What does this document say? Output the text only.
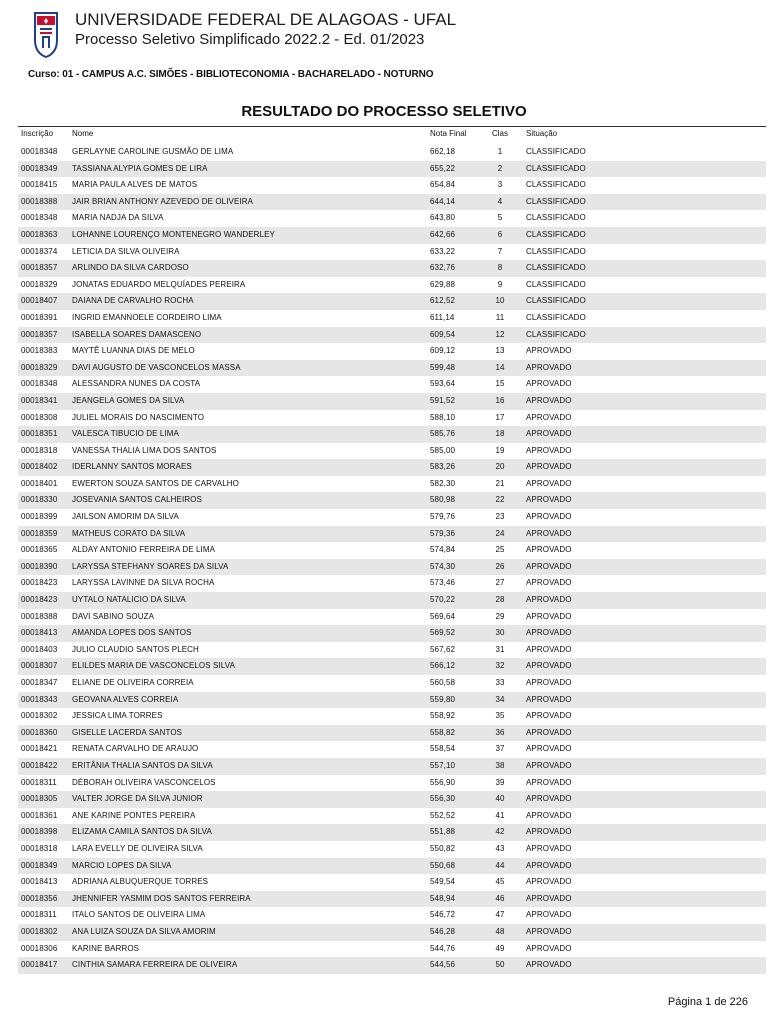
UNIVERSIDADE FEDERAL DE ALAGOAS - UFAL
Processo Seletivo Simplificado 2022.2 - Ed. 01/2023
Curso: 01 - CAMPUS A.C. SIMÕES - BIBLIOTECONOMIA - BACHARELADO - NOTURNO
RESULTADO DO PROCESSO SELETIVO
Inscrição Nome	Nota Final	Clas	Situação
00018348 GERLAYNE CAROLINE GUSMÃO DE LIMA	662,18	1	CLASSIFICADO
00018349 TASSIANA ALYPIA GOMES DE LIRA	655,22	2	CLASSIFICADO
00018415 MARIA PAULA ALVES DE MATOS	654,84	3	CLASSIFICADO
00018388 JAIR BRIAN ANTHONY AZEVEDO DE OLIVEIRA	644,14	4	CLASSIFICADO
00018348 MARIA NADJA DA SILVA	643,80	5	CLASSIFICADO
00018363 LOHANNE LOURENÇO MONTENEGRO WANDERLEY	642,66	6	CLASSIFICADO
00018374 LETICIA DA SILVA OLIVEIRA	633,22	7	CLASSIFICADO
00018357 ARLINDO DA SILVA CARDOSO	632,76	8	CLASSIFICADO
00018329 JONATAS EDUARDO MELQUÍADES PEREIRA	629,88	9	CLASSIFICADO
00018407 DAIANA DE CARVALHO ROCHA	612,52	10	CLASSIFICADO
00018391 INGRID EMANNOELE CORDEIRO LIMA	611,14	11	CLASSIFICADO
00018357 ISABELLA SOARES DAMASCENO	609,54	12	CLASSIFICADO
00018383 MAYTÊ LUANNA DIAS DE MELO	609,12	13	APROVADO
00018329 DAVI AUGUSTO DE VASCONCELOS MASSA	599,48	14	APROVADO
00018348 ALESSANDRA NUNES DA COSTA	593,64	15	APROVADO
00018341 JEANGELA GOMES DA SILVA	591,52	16	APROVADO
00018308 JULIEL MORAIS DO NASCIMENTO	588,10	17	APROVADO
00018351 VALESCA TIBUCIO DE LIMA	585,76	18	APROVADO
00018318 VANESSA THALIA LIMA DOS SANTOS	585,00	19	APROVADO
00018402 IDERLANNY SANTOS MORAES	583,26	20	APROVADO
00018401 EWERTON SOUZA SANTOS DE CARVALHO	582,30	21	APROVADO
00018330 JOSEVANIA SANTOS CALHEIROS	580,98	22	APROVADO
00018399 JAILSON AMORIM DA SILVA	579,76	23	APROVADO
00018359 MATHEUS CORATO DA SILVA	579,36	24	APROVADO
00018365 ALDAY ANTONIO FERREIRA DE LIMA	574,84	25	APROVADO
00018390 LARYSSA STEFHANY SOARES DA SILVA	574,30	26	APROVADO
00018423 LARYSSA LAVINNE DA SILVA ROCHA	573,46	27	APROVADO
00018423 UYTALO NATALICIO DA SILVA	570,22	28	APROVADO
00018388 DAVI SABINO SOUZA	569,64	29	APROVADO
00018413 AMANDA LOPES DOS SANTOS	569,52	30	APROVADO
00018403 JULIO CLAUDIO SANTOS PLECH	567,62	31	APROVADO
00018307 ELILDES MARIA DE VASCONCELOS SILVA	566,12	32	APROVADO
00018347 ELIANE DE OLIVEIRA CORREIA	560,58	33	APROVADO
00018343 GEOVANA ALVES CORREIA	559,80	34	APROVADO
00018302 JESSICA LIMA TORRES	558,92	35	APROVADO
00018360 GISELLE LACERDA SANTOS	558,82	36	APROVADO
00018421 RENATA CARVALHO DE ARAUJO	558,54	37	APROVADO
00018422 ERITÂNIA THALIA SANTOS DA SILVA	557,10	38	APROVADO
00018311 DÉBORAH OLIVEIRA VASCONCELOS	556,90	39	APROVADO
00018305 VALTER JORGE DA SILVA JUNIOR	556,30	40	APROVADO
00018361 ANE KARINE PONTES PEREIRA	552,52	41	APROVADO
00018398 ELIZAMA CAMILA SANTOS DA SILVA	551,88	42	APROVADO
00018318 LARA EVELLY DE OLIVEIRA SILVA	550,82	43	APROVADO
00018349 MARCIO LOPES DA SILVA	550,68	44	APROVADO
00018413 ADRIANA ALBUQUERQUE TORRES	549,54	45	APROVADO
00018356 JHENNIFER YASMIM DOS SANTOS FERREIRA	548,94	46	APROVADO
00018311 ITALO SANTOS DE OLIVEIRA LIMA	546,72	47	APROVADO
00018302 ANA LUIZA SOUZA DA SILVA AMORIM	546,28	48	APROVADO
00018306 KARINE BARROS	544,76	49	APROVADO
00018417 CINTHIA SAMARA FERREIRA DE OLIVEIRA	544,56	50	APROVADO
Página 1 de 226
